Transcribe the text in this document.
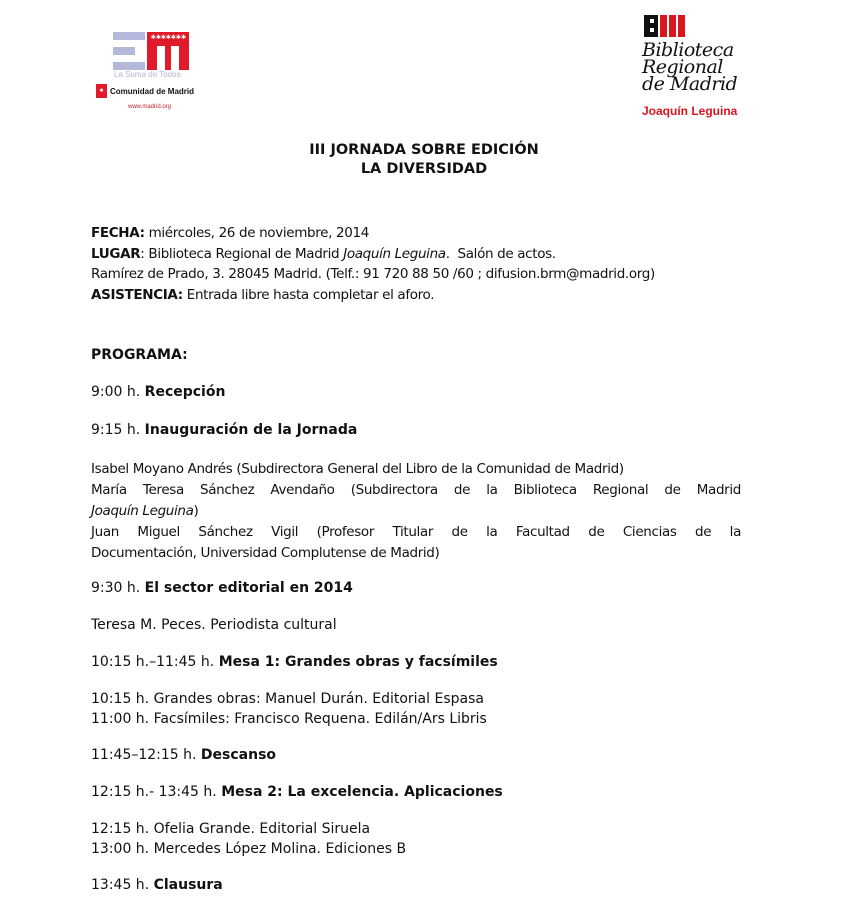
✱✱✱✱✱✱✱
La Suma de Todos
✱ Comunidad de Madrid
www.madrid.org
Biblioteca
Regional
de Madrid
Joaquín Leguina
III JORNADA SOBRE EDICIÓN
LA DIVERSIDAD
FECHA: miércoles, 26 de noviembre, 2014
LUGAR: Biblioteca Regional de Madrid Joaquín Leguina.  Salón de actos.
Ramírez de Prado, 3. 28045 Madrid. (Telf.: 91 720 88 50 /60 ; difusion.brm@madrid.org)
ASISTENCIA: Entrada libre hasta completar el aforo.
PROGRAMA:
9:00 h. Recepción
9:15 h. Inauguración de la Jornada
Isabel Moyano Andrés (Subdirectora General del Libro de la Comunidad de Madrid)
María Teresa Sánchez Avendaño (Subdirectora de la Biblioteca Regional de Madrid
Joaquín Leguina)
Juan Miguel Sánchez Vigil (Profesor Titular de la Facultad de Ciencias de la
Documentación, Universidad Complutense de Madrid)
9:30 h. El sector editorial en 2014
Teresa M. Peces. Periodista cultural
10:15 h.–11:45 h. Mesa 1: Grandes obras y facsímiles
10:15 h. Grandes obras: Manuel Durán. Editorial Espasa
11:00 h. Facsímiles: Francisco Requena. Edilán/Ars Libris
11:45–12:15 h. Descanso
12:15 h.- 13:45 h. Mesa 2: La excelencia. Aplicaciones
12:15 h. Ofelia Grande. Editorial Siruela
13:00 h. Mercedes López Molina. Ediciones B
13:45 h. Clausura
